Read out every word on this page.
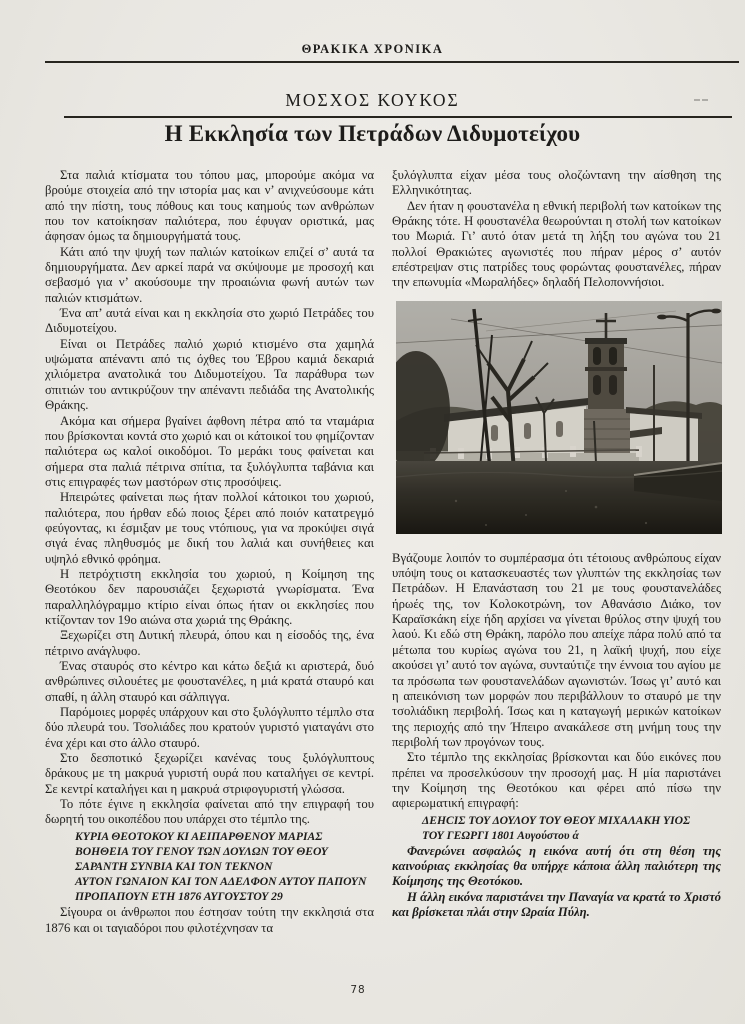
ΘΡΑΚΙΚΑ ΧΡΟΝΙΚΑ
ΜΟΣΧΟΣ ΚΟΥΚΟΣ
Η Εκκλησία των Πετράδων Διδυμοτείχου

Στα παλιά κτίσματα του τόπου μας, μπορούμε ακόμα να βρούμε στοιχεία από την ιστορία μας και ν’ ανιχνεύσουμε κάτι από την πίστη, τους πόθους και τους καημούς των ανθρώπων που τον κατοίκησαν παλιότερα, που έφυγαν οριστικά, μας άφησαν όμως τα δημιουργήματά τους.

Κάτι από την ψυχή των παλιών κατοίκων επιζεί σ’ αυτά τα δημιουργήματα. Δεν αρκεί παρά να σκύψουμε με προσοχή και σεβασμό για ν’ ακούσουμε την προαιώνια φωνή αυτών των παλιών κτισμάτων.

Ένα απ’ αυτά είναι και η εκκλησία στο χωριό Πετράδες του Διδυμοτείχου.

Είναι οι Πετράδες παλιό χωριό κτισμένο στα χαμηλά υψώματα απέναντι από τις όχθες του Έβρου καμιά δεκαριά χιλιόμετρα ανατολικά του Διδυμοτείχου. Τα παράθυρα των σπιτιών του αντικρύζουν την απέναντι πεδιάδα της Ανατολικής Θράκης.

Ακόμα και σήμερα βγαίνει άφθονη πέτρα από τα νταμάρια που βρίσκονται κοντά στο χωριό και οι κάτοικοί του φημίζονταν παλιότερα ως καλοί οικοδόμοι. Το μεράκι τους φαίνεται και σήμερα στα παλιά πέτρινα σπίτια, τα ξυλόγλυπτα ταβάνια και στις επιγραφές των μαστόρων στις προσόψεις.

Ηπειρώτες φαίνεται πως ήταν πολλοί κάτοικοι του χωριού, παλιότερα, που ήρθαν εδώ ποιος ξέρει από ποιόν κατατρεγμό φεύγοντας, κι έσμιξαν με τους ντόπιους, για να προκύψει σιγά σιγά ένας πληθυσμός με δική του λαλιά και συνήθειες και υψηλό εθνικό φρόημα.

Η πετρόχτιστη εκκλησία του χωριού, η Κοίμηση της Θεοτόκου δεν παρουσιάζει ξεχωριστά γνωρίσματα. Ένα παραλληλόγραμμο κτίριο είναι όπως ήταν οι εκκλησίες που κτίζονταν τον 19ο αιώνα στα χωριά της Θράκης.

Ξεχωρίζει στη Δυτική πλευρά, όπου και η είσοδός της, ένα πέτρινο ανάγλυφο.

Ένας σταυρός στο κέντρο και κάτω δεξιά κι αριστερά, δυό ανθρώπινες σιλουέτες με φουστανέλες, η μιά κρατά σταυρό και σπαθί, η άλλη σταυρό και σάλπιγγα.

Παρόμοιες μορφές υπάρχουν και στο ξυλόγλυπτο τέμπλο στα δύο πλευρά του. Τσολιάδες που κρατούν γυριστό γιαταγάνι στο ένα χέρι και στο άλλο σταυρό.

Στο δεσποτικό ξεχωρίζει κανένας τους ξυλόγλυπτους δράκους με τη μακρυά γυριστή ουρά που καταλήγει σε κεντρί. Σε κεντρί καταλήγει και η μακρυά στριφογυριστή γλώσσα.

Το πότε έγινε η εκκλησία φαίνεται από την επιγραφή του δωρητή του οικοπέδου που υπάρχει στο τέμπλο της.

ΚΥΡΙΑ ΘΕΟΤΟΚΟΥ ΚΙ ΑΕΙΠΑΡΘΕΝΟΥ ΜΑΡΙΑΣ
ΒΟΗΘΕΙΑ ΤΟΥ ΓΕΝΟΥ ΤΩΝ ΔΟΥΛΩΝ ΤΟΥ ΘΕΟΥ
ΣΑΡΑΝΤΗ ΣΥΝΒΙΑ ΚΑΙ ΤΟΝ ΤΕΚΝΟΝ
ΑΥΤΟΝ ΓΩΝΑΙΟΝ ΚΑΙ ΤΟΝ ΑΔΕΛΦΟΝ ΑΥΤΟΥ ΠΑΠΟΥΝ
ΠΡΟΠΑΠΟΥΝ ΕΤΗ 1876 ΑΥΓΟΥΣΤΟΥ 29

Σίγουρα οι άνθρωποι που έστησαν τούτη την εκκλησιά στα 1876 και οι ταγιαδόροι που φιλοτέχνησαν τα

ξυλόγλυπτα είχαν μέσα τους ολοζώντανη την αίσθηση της Ελληνικότητας.

Δεν ήταν η φουστανέλα η εθνική περιβολή των κατοίκων της Θράκης τότε. Η φουστανέλα θεωρούνται η στολή των κατοίκων του Μωριά. Γι’ αυτό όταν μετά τη λήξη του αγώνα του 21 πολλοί Θρακιώτες αγωνιστές που πήραν μέρος σ’ αυτόν επέστρεψαν στις πατρίδες τους φορώντας φουστανέλες, πήραν την επωνυμία «Μωραλήδες» δηλαδή Πελοποννήσιοι.

Βγάζουμε λοιπόν το συμπέρασμα ότι τέτοιους ανθρώπους είχαν υπόψη τους οι κατασκευαστές των γλυπτών της εκκλησίας των Πετράδων. Η Επανάσταση του 21 με τους φουστανελάδες ήρωές της, τον Κολοκοτρώνη, τον Αθανάσιο Διάκο, τον Καραϊσκάκη είχε ήδη αρχίσει να γίνεται θρύλος στην ψυχή του λαού. Κι εδώ στη Θράκη, παρόλο που απείχε πάρα πολύ από τα μέτωπα του κυρίως αγώνα του 21, η λαϊκή ψυχή, που είχε ακούσει γι’ αυτό τον αγώνα, συνταύτιζε την έννοια του αγίου με τα πρόσωπα των φουστανελάδων αγωνιστών. Ίσως γι’ αυτό και η απεικόνιση των μορφών που περιβάλλουν το σταυρό με την τσολιάδικη περιβολή. Ίσως και η καταγωγή μερικών κατοίκων της περιοχής από την Ήπειρο ανακάλεσε στη μνήμη τους την περιβολή των προγόνων τους.

Στο τέμπλο της εκκλησίας βρίσκονται και δύο εικόνες που πρέπει να προσελκύσουν την προσοχή μας. Η μία παριστάνει την Κοίμηση της Θεοτόκου και φέρει από πίσω την αφιερωματική επιγραφή:

ΔΕΗCΙΣ ΤΟΥ ΔΟΥΛΟΥ ΤΟΥ ΘΕΟΥ ΜΙΧΑΛΑΚΗ ΥΙΟΣ
ΤΟΥ ΓΕΩΡΓΙ 1801 Αυγούστου ά

Φανερώνει ασφαλώς η εικόνα αυτή ότι στη θέση της καινούριας εκκλησίας θα υπήρχε κάποια άλλη παλιότερη της Κοίμησης της Θεοτόκου.

Η άλλη εικόνα παριστάνει την Παναγία να κρατά το Χριστό και βρίσκεται πλάι στην Ωραία Πύλη.

78
